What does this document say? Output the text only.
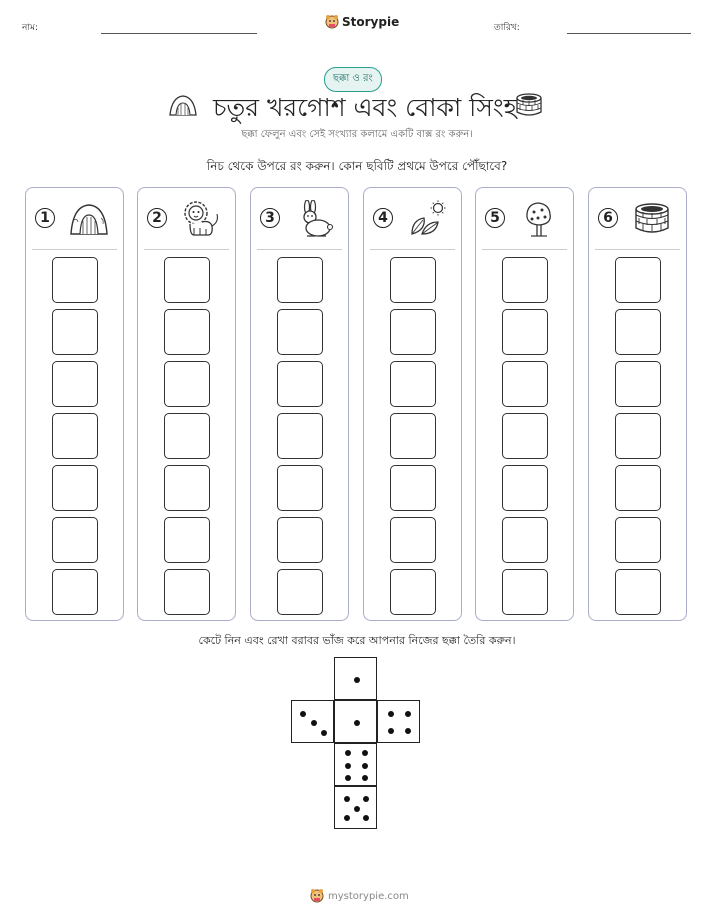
নাম:	Storypie	তারিখ:
ছক্কা ও রং
চতুর খরগোশ এবং বোকা সিংহ
ছক্কা ফেলুন এবং সেই সংখ্যার কলামে একটি বাক্স রং করুন।
নিচ থেকে উপরে রং করুন। কোন ছবিটি প্রথমে উপরে পৌঁছাবে?
1	2	3	4	5	6
কেটে নিন এবং রেখা বরাবর ভাঁজ করে আপনার নিজের ছক্কা তৈরি করুন।
mystorypie.com
